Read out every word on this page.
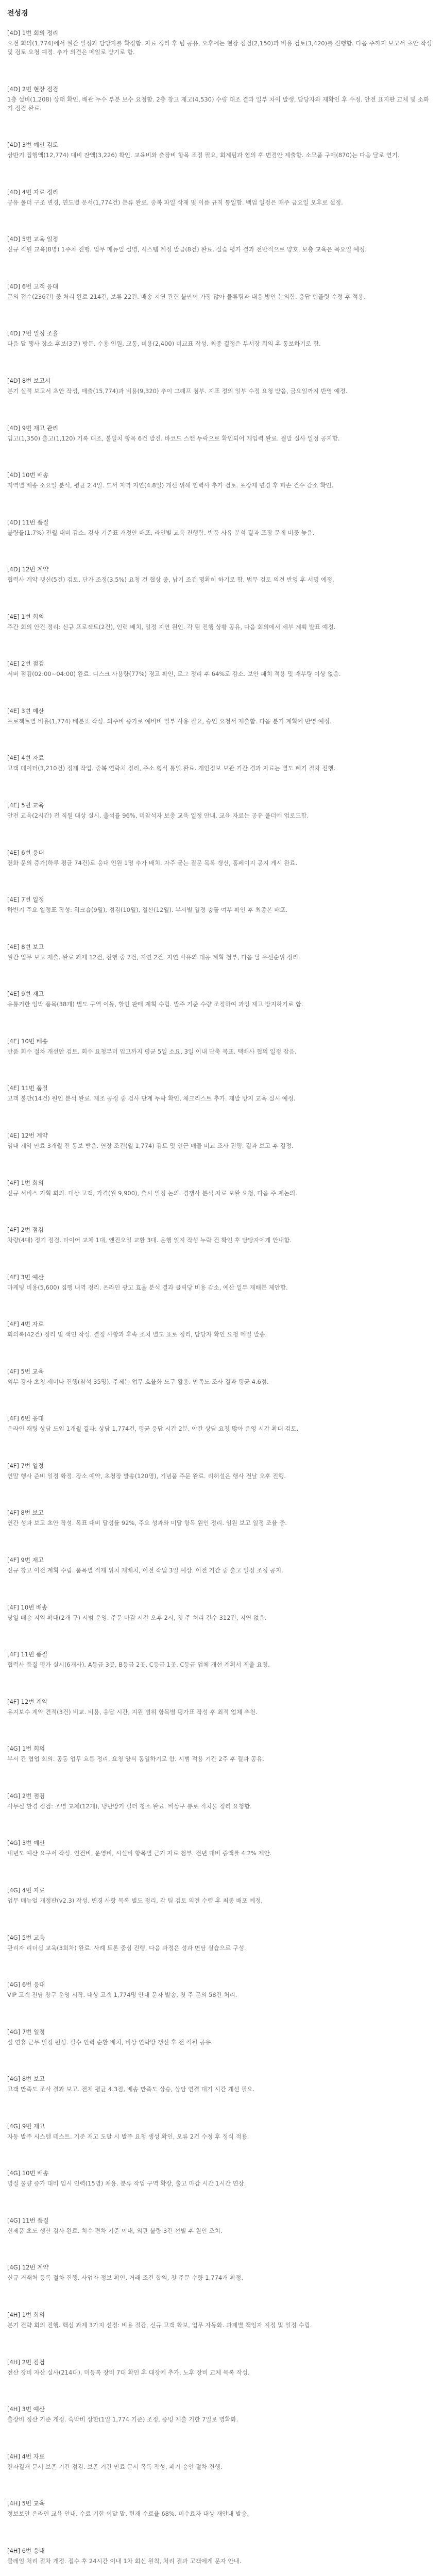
전성경
[4D] 1번 회의 정리

오전 회의(1,774)에서 월간 일정과 담당자를 확정함. 자료 정리 후 팀 공유, 오후에는 현장 점검(2,150)과 비용 검토(3,420)를 진행함. 다음 주까지 보고서 초안 작성 및 검토 요청 예정. 추가 의견은 메일로 받기로 함.

[4D] 2번 현장 점검

1층 설비(1,208) 상태 확인, 배관 누수 부분 보수 요청함. 2층 창고 재고(4,530) 수량 대조 결과 일부 차이 발생, 담당자와 재확인 후 수정. 안전 표지판 교체 및 소화기 점검 완료.

[4D] 3번 예산 검토

상반기 집행액(12,774) 대비 잔액(3,226) 확인. 교육비와 출장비 항목 조정 필요, 회계팀과 협의 후 변경안 제출함. 소모품 구매(870)는 다음 달로 연기.

[4D] 4번 자료 정리

공유 폴더 구조 변경, 연도별 문서(1,774건) 분류 완료. 중복 파일 삭제 및 이름 규칙 통일함. 백업 일정은 매주 금요일 오후로 설정.

[4D] 5번 교육 일정

신규 직원 교육(8명) 1주차 진행. 업무 매뉴얼 설명, 시스템 계정 발급(8건) 완료. 실습 평가 결과 전반적으로 양호, 보충 교육은 목요일 예정.

[4D] 6번 고객 응대

문의 접수(236건) 중 처리 완료 214건, 보류 22건. 배송 지연 관련 불만이 가장 많아 물류팀과 대응 방안 논의함. 응답 템플릿 수정 후 적용.

[4D] 7번 일정 조율

다음 달 행사 장소 후보(3곳) 방문. 수용 인원, 교통, 비용(2,400) 비교표 작성. 최종 결정은 부서장 회의 후 통보하기로 함.

[4D] 8번 보고서

분기 실적 보고서 초안 작성, 매출(15,774)과 비용(9,320) 추이 그래프 첨부. 지표 정의 일부 수정 요청 받음, 금요일까지 반영 예정.

[4D] 9번 재고 관리

입고(1,350) 출고(1,120) 기록 대조, 불일치 항목 6건 발견. 바코드 스캔 누락으로 확인되어 재입력 완료. 월말 실사 일정 공지함.

[4D] 10번 배송

지역별 배송 소요일 분석, 평균 2.4일. 도서 지역 지연(4.8일) 개선 위해 협력사 추가 검토. 포장재 변경 후 파손 건수 감소 확인.

[4D] 11번 품질

불량률(1.7%) 전월 대비 감소. 검사 기준표 개정안 배포, 라인별 교육 진행함. 반품 사유 분석 결과 포장 문제 비중 높음.

[4D] 12번 계약

협력사 계약 갱신(5건) 검토. 단가 조정(3.5%) 요청 건 협상 중, 납기 조건 명확히 하기로 함. 법무 검토 의견 반영 후 서명 예정.

[4E] 1번 회의

주간 회의 안건 정리: 신규 프로젝트(2건), 인력 배치, 일정 지연 원인. 각 팀 진행 상황 공유, 다음 회의에서 세부 계획 발표 예정.

[4E] 2번 점검

서버 점검(02:00~04:00) 완료. 디스크 사용량(77%) 경고 확인, 로그 정리 후 64%로 감소. 보안 패치 적용 및 재부팅 이상 없음.

[4E] 3번 예산

프로젝트별 비용(1,774) 배분표 작성. 외주비 증가로 예비비 일부 사용 필요, 승인 요청서 제출함. 다음 분기 계획에 반영 예정.

[4E] 4번 자료

고객 데이터(3,210건) 정제 작업. 중복 연락처 정리, 주소 형식 통일 완료. 개인정보 보관 기간 경과 자료는 별도 폐기 절차 진행.

[4E] 5번 교육

안전 교육(2시간) 전 직원 대상 실시. 출석률 96%, 미참석자 보충 교육 일정 안내. 교육 자료는 공유 폴더에 업로드함.

[4E] 6번 응대

전화 문의 증가(하루 평균 74건)로 응대 인원 1명 추가 배치. 자주 묻는 질문 목록 갱신, 홈페이지 공지 게시 완료.

[4E] 7번 일정

하반기 주요 일정표 작성: 워크숍(9월), 점검(10월), 결산(12월). 부서별 일정 충돌 여부 확인 후 최종본 배포.

[4E] 8번 보고

월간 업무 보고 제출. 완료 과제 12건, 진행 중 7건, 지연 2건. 지연 사유와 대응 계획 첨부, 다음 달 우선순위 정리.

[4E] 9번 재고

유통기한 임박 품목(38개) 별도 구역 이동, 할인 판매 계획 수립. 발주 기준 수량 조정하여 과잉 재고 방지하기로 함.

[4E] 10번 배송

반품 회수 절차 개선안 검토. 회수 요청부터 입고까지 평균 5일 소요, 3일 이내 단축 목표. 택배사 협의 일정 잡음.

[4E] 11번 품질

고객 불만(14건) 원인 분석 완료. 제조 공정 중 검사 단계 누락 확인, 체크리스트 추가. 재발 방지 교육 실시 예정.

[4E] 12번 계약

임대 계약 만료 3개월 전 통보 받음. 연장 조건(월 1,774) 검토 및 인근 매물 비교 조사 진행. 결과 보고 후 결정.

[4F] 1번 회의

신규 서비스 기획 회의. 대상 고객, 가격(월 9,900), 출시 일정 논의. 경쟁사 분석 자료 보완 요청, 다음 주 재논의.

[4F] 2번 점검

차량(4대) 정기 점검. 타이어 교체 1대, 엔진오일 교환 3대. 운행 일지 작성 누락 건 확인 후 담당자에게 안내함.

[4F] 3번 예산

마케팅 비용(5,600) 집행 내역 정리. 온라인 광고 효율 분석 결과 클릭당 비용 감소, 예산 일부 재배분 제안함.

[4F] 4번 자료

회의록(42건) 정리 및 색인 작성. 결정 사항과 후속 조치 별도 표로 정리, 담당자 확인 요청 메일 발송.

[4F] 5번 교육

외부 강사 초청 세미나 진행(참석 35명). 주제는 업무 효율화 도구 활용. 만족도 조사 결과 평균 4.6점.

[4F] 6번 응대

온라인 채팅 상담 도입 1개월 결과: 상담 1,774건, 평균 응답 시간 2분. 야간 상담 요청 많아 운영 시간 확대 검토.

[4F] 7번 일정

연말 행사 준비 일정 확정. 장소 예약, 초청장 발송(120명), 기념품 주문 완료. 리허설은 행사 전날 오후 진행.

[4F] 8번 보고

연간 성과 보고 초안 작성. 목표 대비 달성률 92%, 주요 성과와 미달 항목 원인 정리. 임원 보고 일정 조율 중.

[4F] 9번 재고

신규 창고 이전 계획 수립. 품목별 적재 위치 재배치, 이전 작업 3일 예상. 이전 기간 중 출고 일정 조정 공지.

[4F] 10번 배송

당일 배송 지역 확대(2개 구) 시범 운영. 주문 마감 시간 오후 2시, 첫 주 처리 건수 312건, 지연 없음.

[4F] 11번 품질

협력사 품질 평가 실시(6개사). A등급 3곳, B등급 2곳, C등급 1곳. C등급 업체 개선 계획서 제출 요청.

[4F] 12번 계약

유지보수 계약 견적(3건) 비교. 비용, 응답 시간, 지원 범위 항목별 평가표 작성 후 최적 업체 추천.

[4G] 1번 회의

부서 간 협업 회의. 공동 업무 흐름 정리, 요청 양식 통일하기로 함. 시범 적용 기간 2주 후 결과 공유.

[4G] 2번 점검

사무실 환경 점검: 조명 교체(12개), 냉난방기 필터 청소 완료. 비상구 통로 적치물 정리 요청함.

[4G] 3번 예산

내년도 예산 요구서 작성. 인건비, 운영비, 시설비 항목별 근거 자료 첨부. 전년 대비 증액률 4.2% 제안.

[4G] 4번 자료

업무 매뉴얼 개정판(v2.3) 작성. 변경 사항 목록 별도 정리, 각 팀 검토 의견 수렴 후 최종 배포 예정.

[4G] 5번 교육

관리자 리더십 교육(3회차) 완료. 사례 토론 중심 진행, 다음 과정은 성과 면담 실습으로 구성.

[4G] 6번 응대

VIP 고객 전담 창구 운영 시작. 대상 고객 1,774명 안내 문자 발송, 첫 주 문의 58건 처리.

[4G] 7번 일정

설 연휴 근무 일정 편성. 필수 인력 순환 배치, 비상 연락망 갱신 후 전 직원 공유.

[4G] 8번 보고

고객 만족도 조사 결과 보고. 전체 평균 4.3점, 배송 만족도 상승, 상담 연결 대기 시간 개선 필요.

[4G] 9번 재고

자동 발주 시스템 테스트. 기준 재고 도달 시 발주 요청 생성 확인, 오류 2건 수정 후 정식 적용.

[4G] 10번 배송

명절 물량 증가 대비 임시 인력(15명) 채용. 분류 작업 구역 확장, 출고 마감 시간 1시간 연장.

[4G] 11번 품질

신제품 초도 생산 검사 완료. 치수 편차 기준 이내, 외관 불량 3건 선별 후 원인 조치.

[4G] 12번 계약

신규 거래처 등록 절차 진행. 사업자 정보 확인, 거래 조건 합의, 첫 주문 수량 1,774개 확정.

[4H] 1번 회의

분기 전략 회의 진행. 핵심 과제 3가지 선정: 비용 절감, 신규 고객 확보, 업무 자동화. 과제별 책임자 지정 및 일정 수립.

[4H] 2번 점검

전산 장비 자산 실사(214대). 미등록 장비 7대 확인 후 대장에 추가, 노후 장비 교체 목록 작성.

[4H] 3번 예산

출장비 정산 기준 개정. 숙박비 상한(1일 1,774 기준) 조정, 증빙 제출 기한 7일로 명확화.

[4H] 4번 자료

전자결재 문서 보존 기간 점검. 보존 기간 만료 문서 목록 작성, 폐기 승인 절차 진행.

[4H] 5번 교육

정보보안 온라인 교육 안내. 수료 기한 이달 말, 현재 수료율 68%. 미수료자 대상 재안내 발송.

[4H] 6번 응대

클레임 처리 절차 개정. 접수 후 24시간 이내 1차 회신 원칙, 처리 결과 고객에게 문자 안내.
